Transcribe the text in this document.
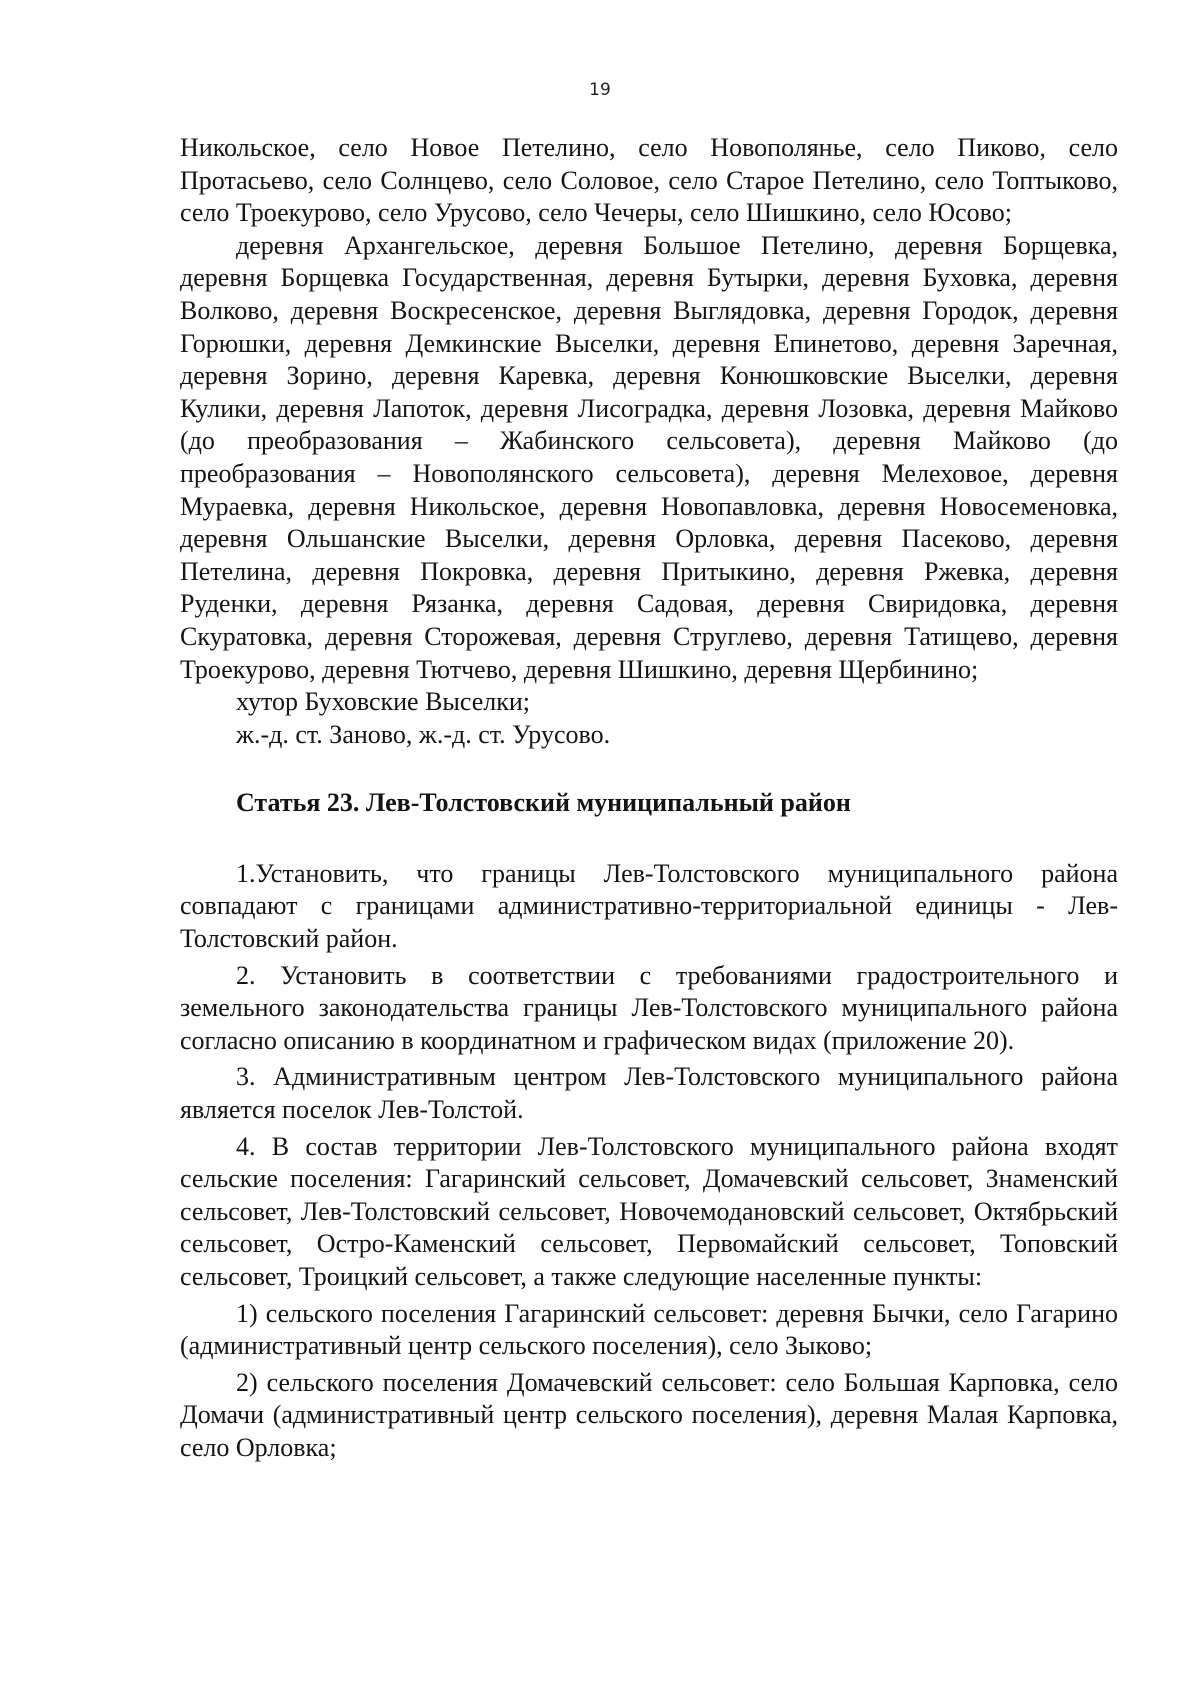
19

Никольское, село Новое Петелино, село Новополянье, село Пиково, село Протасьево, село Солнцево, село Соловое, село Старое Петелино, село Топтыково, село Троекурово, село Урусово, село Чечеры, село Шишкино, село Юсово;

деревня Архангельское, деревня Большое Петелино, деревня Борщевка, деревня Борщевка Государственная, деревня Бутырки, деревня Буховка, деревня Волково, деревня Воскресенское, деревня Выглядовка, деревня Городок, деревня Горюшки, деревня Демкинские Выселки, деревня Епинетово, деревня Заречная, деревня Зорино, деревня Каревка, деревня Конюшковские Выселки, деревня Кулики, деревня Лапоток, деревня Лисоградка, деревня Лозовка, деревня Майково (до преобразования – Жабинского сельсовета), деревня Майково (до преобразования – Новополянского сельсовета), деревня Мелеховое, деревня Мураевка, деревня Никольское, деревня Новопавловка, деревня Новосеменовка, деревня Ольшанские Выселки, деревня Орловка, деревня Пасеково, деревня Петелина, деревня Покровка, деревня Притыкино, деревня Ржевка, деревня Руденки, деревня Рязанка, деревня Садовая, деревня Свиридовка, деревня Скуратовка, деревня Сторожевая, деревня Струглево, деревня Татищево, деревня Троекурово, деревня Тютчево, деревня Шишкино, деревня Щербинино;

хутор Буховские Выселки;

ж.-д. ст. Заново, ж.-д. ст. Урусово.

Статья 23. Лев-Толстовский муниципальный район

1.Установить, что границы Лев-Толстовского муниципального района совпадают с границами административно-территориальной единицы - Лев-Толстовский район.

2. Установить в соответствии с требованиями градостроительного и земельного законодательства границы Лев-Толстовского муниципального района согласно описанию в координатном и графическом видах (приложение 20).

3. Административным центром Лев-Толстовского муниципального района является поселок Лев-Толстой.

4. В состав территории Лев-Толстовского муниципального района входят сельские поселения: Гагаринский сельсовет, Домачевский сельсовет, Знаменский сельсовет, Лев-Толстовский сельсовет, Новочемодановский сельсовет, Октябрьский сельсовет, Остро-Каменский сельсовет, Первомайский сельсовет, Топовский сельсовет, Троицкий сельсовет, а также следующие населенные пункты:

1) сельского поселения Гагаринский сельсовет: деревня Бычки, село Гагарино (административный центр сельского поселения), село Зыково;

2) сельского поселения Домачевский сельсовет: село Большая Карповка, село Домачи (административный центр сельского поселения), деревня Малая Карповка, село Орловка;
